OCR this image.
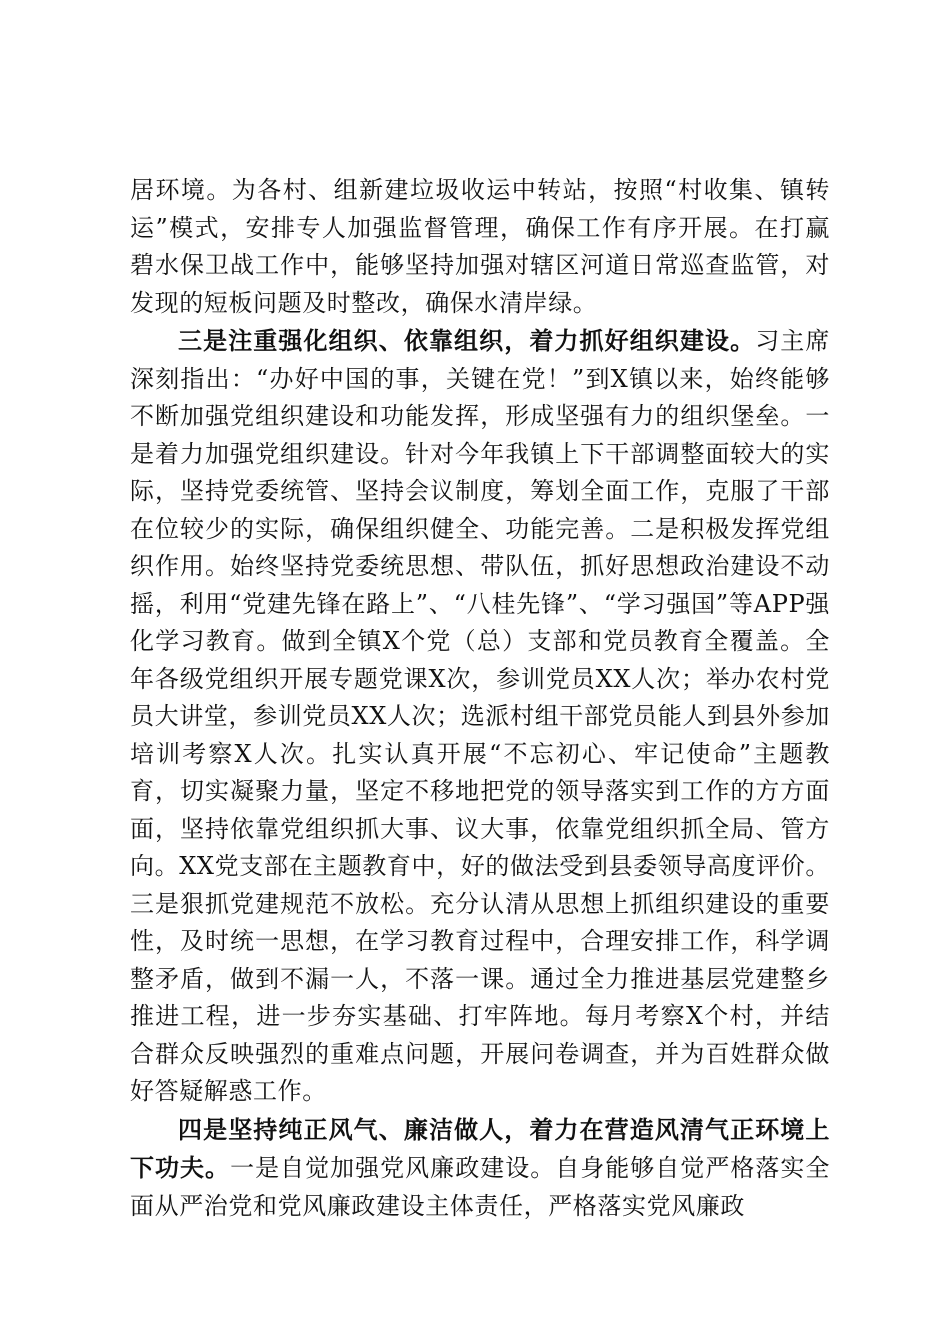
居环境。为各村、组新建垃圾收运中转站，按照“村收集、镇转运”模式，安排专人加强监督管理，确保工作有序开展。在打赢碧水保卫战工作中，能够坚持加强对辖区河道日常巡查监管，对发现的短板问题及时整改，确保水清岸绿。

三是注重强化组织、依靠组织，着力抓好组织建设。习主席深刻指出：“办好中国的事，关键在党！”到X镇以来，始终能够不断加强党组织建设和功能发挥，形成坚强有力的组织堡垒。一是着力加强党组织建设。针对今年我镇上下干部调整面较大的实际，坚持党委统管、坚持会议制度，筹划全面工作，克服了干部在位较少的实际，确保组织健全、功能完善。二是积极发挥党组织作用。始终坚持党委统思想、带队伍，抓好思想政治建设不动摇，利用“党建先锋在路上”、“八桂先锋”、“学习强国”等APP强化学习教育。做到全镇X个党（总）支部和党员教育全覆盖。全年各级党组织开展专题党课X次，参训党员XX人次；举办农村党员大讲堂，参训党员XX人次；选派村组干部党员能人到县外参加培训考察X人次。扎实认真开展“不忘初心、牢记使命”主题教育，切实凝聚力量，坚定不移地把党的领导落实到工作的方方面面，坚持依靠党组织抓大事、议大事，依靠党组织抓全局、管方向。XX党支部在主题教育中，好的做法受到县委领导高度评价。三是狠抓党建规范不放松。充分认清从思想上抓组织建设的重要性，及时统一思想，在学习教育过程中，合理安排工作，科学调整矛盾，做到不漏一人，不落一课。通过全力推进基层党建整乡推进工程，进一步夯实基础、打牢阵地。每月考察X个村，并结合群众反映强烈的重难点问题，开展问卷调查，并为百姓群众做好答疑解惑工作。

四是坚持纯正风气、廉洁做人，着力在营造风清气正环境上下功夫。一是自觉加强党风廉政建设。自身能够自觉严格落实全面从严治党和党风廉政建设主体责任，严格落实党风廉政
